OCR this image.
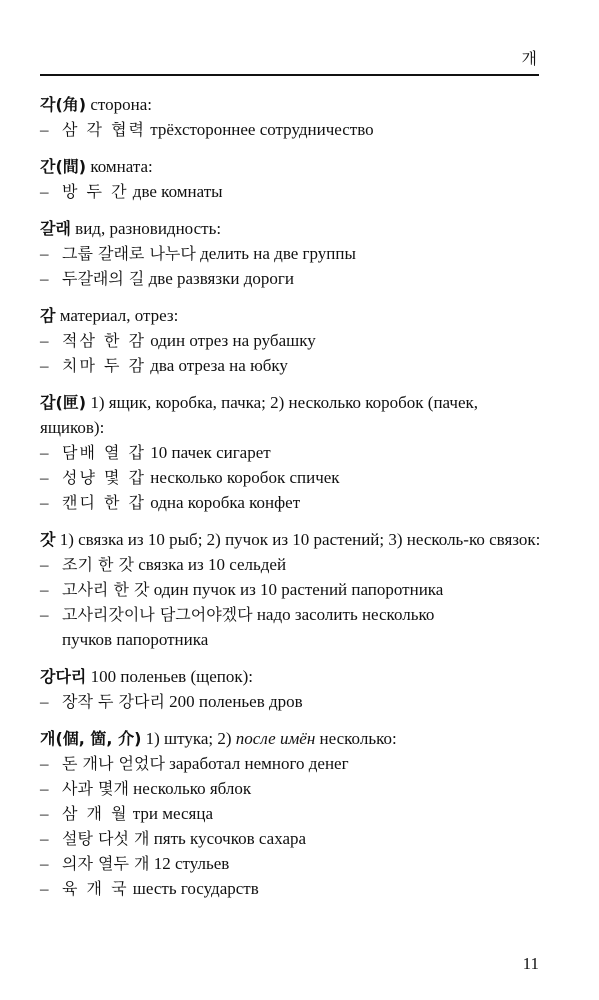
개
각(角) сторона:
– 삼 각 협력 трёхстороннее сотрудничество
간(間) комната:
– 방 두 간 две комнаты
갈래 вид, разновидность:
– 그룹 갈래로 나누다 делить на две группы
– 두갈래의 길 две развязки дороги
감 материал, отрез:
– 적삼 한 감 один отрез на рубашку
– 치마 두 감 два отреза на юбку
갑(匣) 1) ящик, коробка, пачка; 2) несколько коробок (пачек, ящиков):
– 담배 열 갑 10 пачек сигарет
– 성냥 몇 갑 несколько коробок спичек
– 캔디 한 갑 одна коробка конфет
갓 1) связка из 10 рыб; 2) пучок из 10 растений; 3) несколь-ко связок:
– 조기 한 갓 связка из 10 сельдей
– 고사리 한 갓 один пучок из 10 растений папоротника
– 고사리갓이나 담그어야겠다 надо засолить несколько
пучков папоротника
강다리 100 поленьев (щепок):
– 장작 두 강다리 200 поленьев дров
개(個, 箇, 介) 1) штука; 2) после имён несколько:
– 돈 개나 얻었다 заработал немного денег
– 사과 몇개 несколько яблок
– 삼 개 월 три месяца
– 설탕 다섯 개 пять кусочков сахара
– 의자 열두 개 12 стульев
– 육 개 국 шесть государств
11
